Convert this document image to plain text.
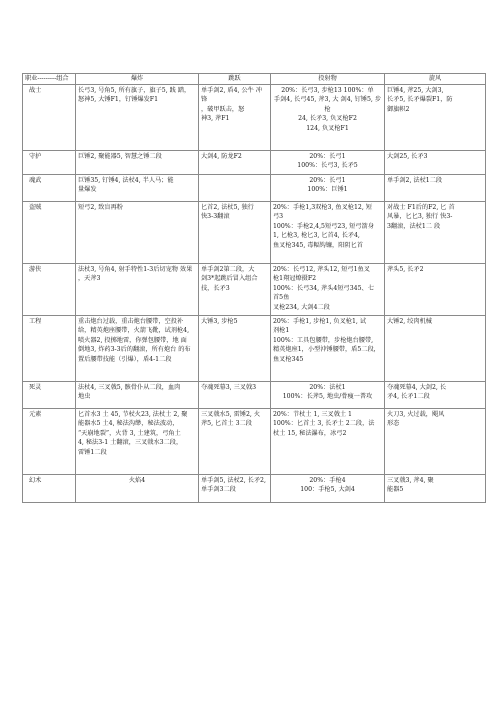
职业---------组合	爆炸	跳跃	投射物	旋风
战士	长弓3, 号角5, 所有旗子，旗子5, 践 踏，
怒神5, 大锤F1，钉锤爆发F1	单手剑2, 盾4, 公牛 冲锋
，破甲跃击，怒
神3, 斧F1	20%：长弓3, 步枪13 100%：单
手剑4, 长弓45, 斧3, 大 剑4, 钉锤5, 步枪
24, 长矛3, 负叉枪F2
124, 负叉枪F1	巨锤4, 斧25, 大剑3,
长矛5, 长矛爆裂F1，防
御旗帜2
守护	巨锤2, 聚能器5, 智慧之锤二段	大剑4, 防龙F2	20%：长弓1
100%：长弓3, 长矛5	大剑25, 长矛3
魂武	巨锤35, 钉锤4, 法杖4, 半人马；能
量爆发		20%：长弓1
100%：巨锤1	单手剑2, 法杖1二段
盗贼	短弓2, 致盲再粉	匕首2, 法杖5, 独行
快3-3翻滚	20%：手枪1,3双枪3, 鱼叉枪12, 短
弓3
100%：手枪2,4,5短弓23, 短弓箭身
1, 匕枪3, 枪匕3, 匕首4, 长矛4,
鱼叉枪345, 毒幅钩镰，阳阴匕首	对战士 F1后的F2, 匕 首
风暴，匕匕3, 独行 快3-
3翻滚，法杖1二 段
游侠	法杖3, 号角4, 射手特性1-3后切宠物 效果
，天斧3	单手剑2第二段，大
剑3*起跳后冒入组合 技，长矛3	20%：长弓12, 斧头12, 短弓1鱼叉
枪1翔冠燎摄F2
100%：长弓34, 斧头4短弓345、七 首5鱼
叉枪234, 大剑4二段	斧头5, 长矛2
工程	重击炮台过载，重击炮台腰带，空投补
给，精英炮座腰带，火箭飞靴，试剂枪4,
喷火器2, 投掷地雷，你弹包腰带，地 面
倒地3, 炸药3-3后的翻滚，所有炮台 的布
置后腰带技能（引爆），盾4-1二段	大锤3, 步枪5	20%：手枪1, 步枪1, 负叉枪1, 试
剂枪1
100%：工具包腰带，步枪炮台腰带,
精英炮座1，小型沖锤腰带，盾5二段，
鱼叉枪345	大锤2, 绞肉机械
死灵	法杖4, 三叉戟5, 骸骨仆从二段，血肉
地虫	夺魂死幕3, 三叉戟3	20%：法杖1
100%：长斧5, 地虫/骨瘦一普攻	夺魂死幕4, 大剑2, 长
矛4, 长矛1二段
元素	匕首水3 土 45, 节杖火23, 法杖土 2, 聚
能器水5 土4, 秘法沟缈，秘法波动，
“天崩地裂”，火背 3, 土建筑，弓角土
4, 秘法3-1 土翻滚，三叉戟水3二段，
雷锤1二段	三叉戟水5, 雷锤2, 火
斧5, 匕首土 3二段	20%：节杖土 1, 三叉戟土 1
100%：匕首土 3, 长矛土 2二段，法
杖土 15, 秘法瀑布，冰弓2	火刀3, 火过载，飓风
形态
幻术	火焰4	单手剑5, 法杖2, 长矛2,
单手剑3二段	20%：手枪4
100：手枪5, 大剑4	三叉戟3, 斧4, 聚
能器5
